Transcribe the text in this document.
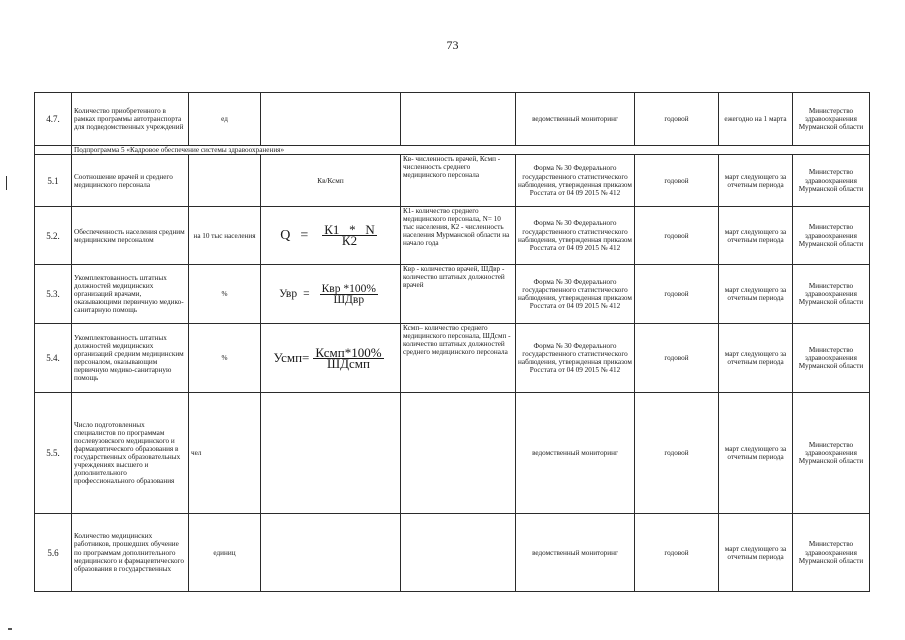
73
4.7.	Количество приобретенного в рамках программы автотранспорта для подведомственных учреждений	ед			ведомственный мониторинг	годовой	ежегодно на 1 марта	Министерство здравоохранения Мурманской области
	Подпрограмма 5 «Кадровое обеспечение системы здравоохранения»							
5.1	Соотношение врачей и среднего медицинского персонала		Кв/Ксмп	Кв- численность врачей, Ксмп - численность среднего медицинского персонала	Форма № 30 Федерального государственного статистического наблюдения, утвержденная приказом Росстата от 04 09 2015 № 412	годовой	март следующего за отчетным периода	Министерство здравоохранения Мурманской области
5.2.	Обеспеченность населения средним медицинским персоналом	на 10 тыс населения	$Q = \frac{К1 * N}{К2}$	К1- количество среднего медицинского персонала, N= 10 тыс населения, К2 - численность населения Мурманской области на начало года	Форма № 30 Федерального государственного статистического наблюдения, утвержденная приказом Росстата от 04 09 2015 № 412	годовой	март следующего за отчетным периода	Министерство здравоохранения Мурманской области
5.3.	Укомплектованность штатных должностей медицинских организаций врачами, оказывающими первичную медико-санитарную помощь	%	Увр = $\frac{\text{Квр *100\%}}{\text{ШДвр}}$	Квр - количество врачей, ШДвр - количество штатных должностей врачей	Форма № 30 Федерального государственного статистического наблюдения, утвержденная приказом Росстата от 04 09 2015 № 412	годовой	март следующего за отчетным периода	Министерство здравоохранения Мурманской области
5.4.	Укомплектованность штатных должностей медицинских организаций средним медицинским персоналом, оказывающим первичную медико-санитарную помощь	%	Усмп= $\frac{\text{Ксмп*100\%}}{\text{ШДсмп}}$	Ксмп– количество среднего медицинского персонала, ШДсмп - количество штатных должностей среднего медицинского персонала	Форма № 30 Федерального государственного статистического наблюдения, утвержденная приказом Росстата от 04 09 2015 № 412	годовой	март следующего за отчетным периода	Министерство здравоохранения Мурманской области
5.5.	Число подготовленных специалистов по программам послевузовского медицинского и фармацевтического образования в государственных образовательных учреждениях высшего и дополнительного профессионального образования	чел			ведомственный мониторинг	годовой	март следующего за отчетным периода	Министерство здравоохранения Мурманской области
5.6	Количество медицинских работников, прошедших обучение по программам дополнительного медицинского и фармацевтического образования в государственных	единиц			ведомственный мониторинг	годовой	март следующего за отчетным периода	Министерство здравоохранения Мурманской области
